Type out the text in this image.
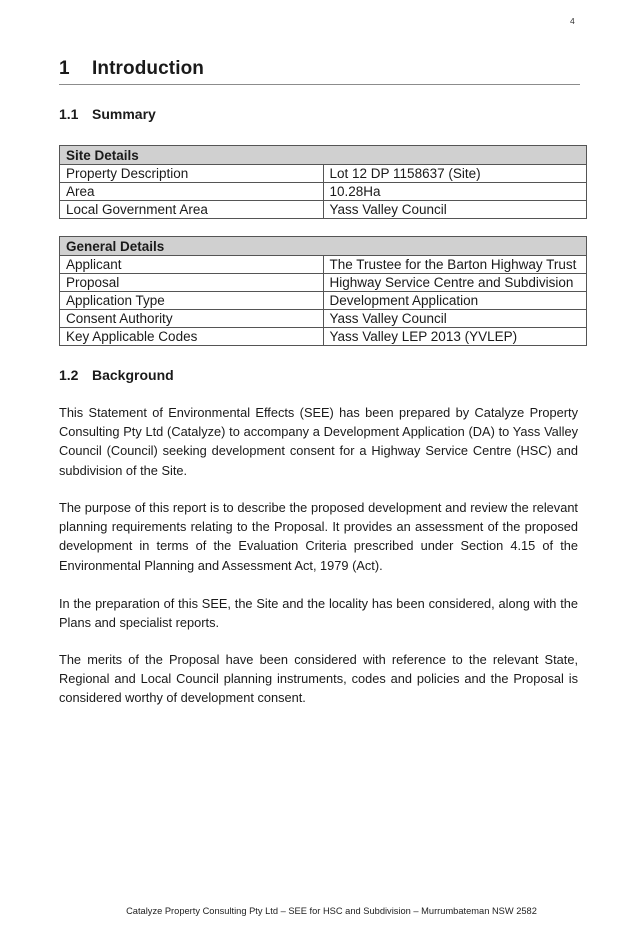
4
1 Introduction
1.1 Summary
Site Details	
Property Description	Lot 12 DP 1158637 (Site)
Area	10.28Ha
Local Government Area	Yass Valley Council
General Details	
Applicant	The Trustee for the Barton Highway Trust
Proposal	Highway Service Centre and Subdivision
Application Type	Development Application
Consent Authority	Yass Valley Council
Key Applicable Codes	Yass Valley LEP 2013 (YVLEP)
1.2 Background

This Statement of Environmental Effects (SEE) has been prepared by Catalyze Property Consulting Pty Ltd (Catalyze) to accompany a Development Application (DA) to Yass Valley Council (Council) seeking development consent for a Highway Service Centre (HSC) and subdivision of the Site.

The purpose of this report is to describe the proposed development and review the relevant planning requirements relating to the Proposal. It provides an assessment of the proposed development in terms of the Evaluation Criteria prescribed under Section 4.15 of the Environmental Planning and Assessment Act, 1979 (Act).

In the preparation of this SEE, the Site and the locality has been considered, along with the Plans and specialist reports.

The merits of the Proposal have been considered with reference to the relevant State, Regional and Local Council planning instruments, codes and policies and the Proposal is considered worthy of development consent.

Catalyze Property Consulting Pty Ltd – SEE for HSC and Subdivision – Murrumbateman NSW 2582
